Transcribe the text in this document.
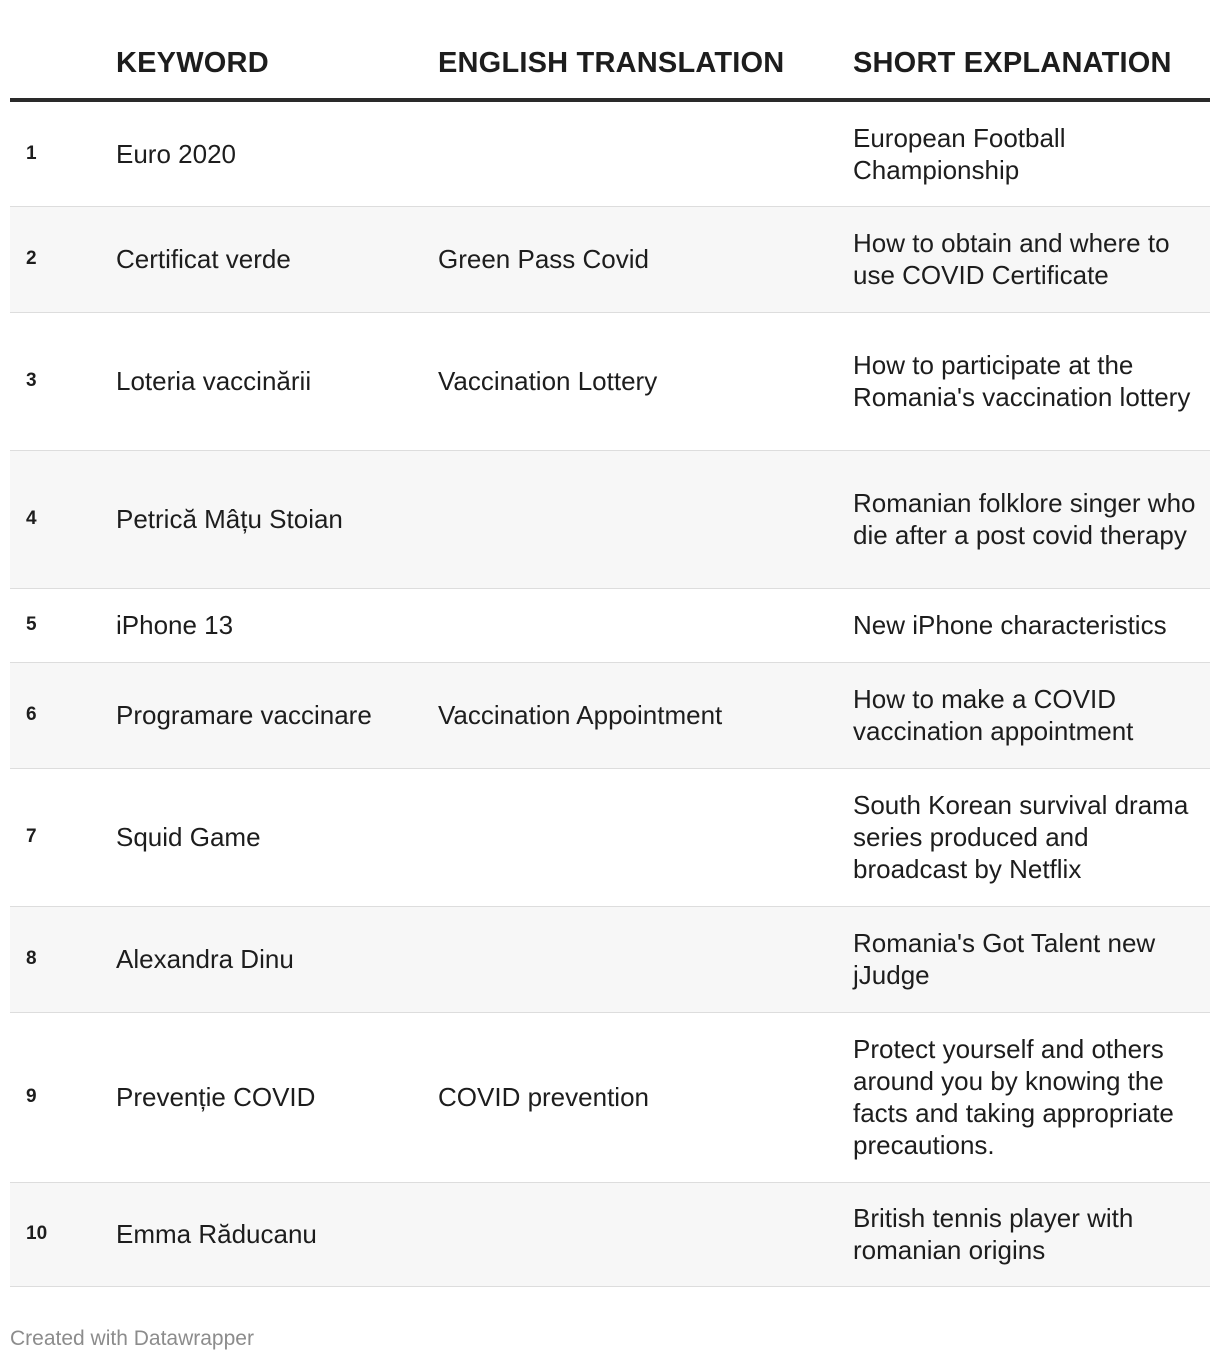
	KEYWORD	ENGLISH TRANSLATION	SHORT EXPLANATION
1	Euro 2020		European Football Championship
2	Certificat verde	Green Pass Covid	How to obtain and where to use COVID Certificate
3	Loteria vaccinării	Vaccination Lottery	How to participate at the Romania's vaccination lottery
4	Petrică Mâțu Stoian		Romanian folklore singer who die after a post covid therapy
5	iPhone 13		New iPhone characteristics
6	Programare vaccinare	Vaccination Appointment	How to make a COVID vaccination appointment
7	Squid Game		South Korean survival drama series produced and broadcast by Netflix
8	Alexandra Dinu		Romania's Got Talent new jJudge
9	Prevenție COVID	COVID prevention	Protect yourself and others around you by knowing the facts and taking appropriate precautions.
10	Emma Răducanu		British tennis player with romanian origins
Created with Datawrapper
